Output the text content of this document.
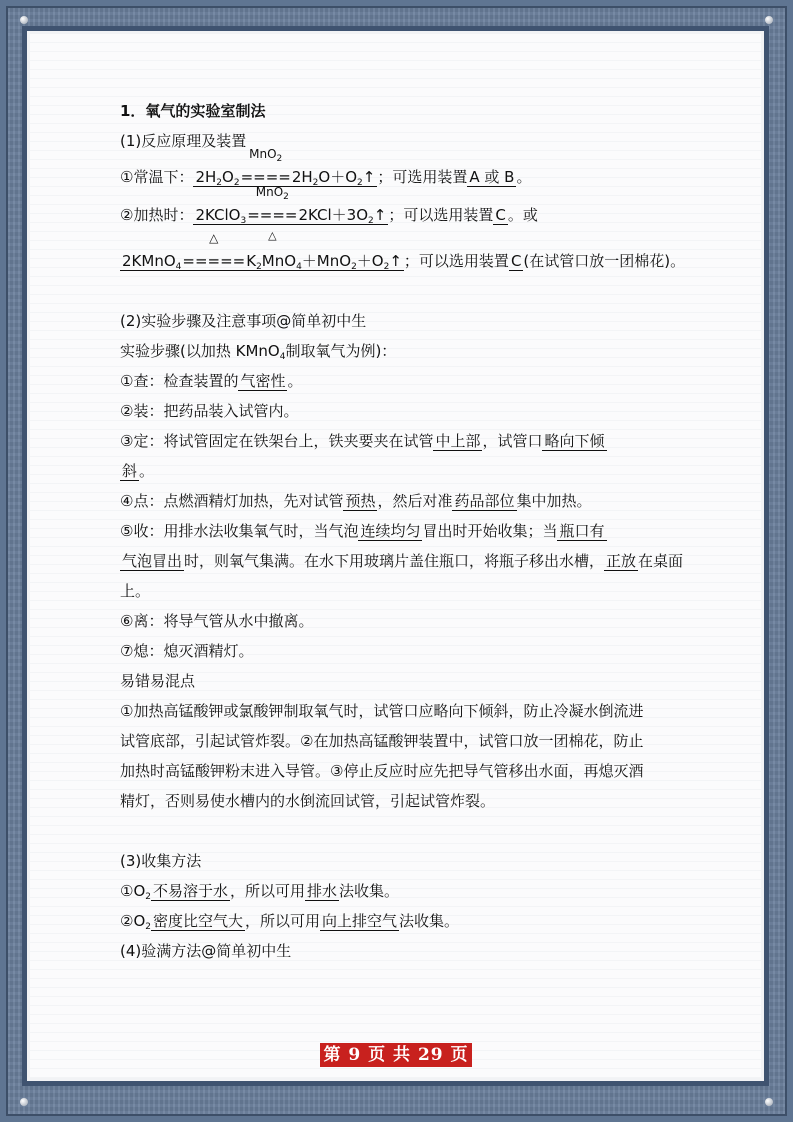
1．氧气的实验室制法
(1)反应原理及装置
①常温下： $2H_2O_2$
MnO$_2$
$====2H_2O+O_2↑$ ；可选用装置 A 或 B 。
②加热时： 2KClO$_3$
MnO$_2$
====
△
$2KCl+3O_2↑$ ；可以选用装置 C 。或
2KMnO$_4$
△
$=====K_2MnO_4+MnO_2+O_2↑$ ；可以选用装置 C (在试管口放一团棉花)。
(2)实验步骤及注意事项@简单初中生
实验步骤(以加热 KMnO$_4$制取氧气为例)：
①查：检查装置的 气密性 。
②装：把药品装入试管内。
③定：将试管固定在铁架台上，铁夹要夹在试管 中上部 ，试管口 略向下倾
斜 。
④点：点燃酒精灯加热，先对试管 预热 ，然后对准 药品部位 集中加热。
⑤收：用排水法收集氧气时，当气泡 连续均匀 冒出时开始收集；当 瓶口有
气泡冒出 时，则氧气集满。在水下用玻璃片盖住瓶口，将瓶子移出水槽， 正放 在桌面上。
⑥离：将导气管从水中撤离。
⑦熄：熄灭酒精灯。
易错易混点
①加热高锰酸钾或氯酸钾制取氧气时，试管口应略向下倾斜，防止冷凝水倒流进
试管底部，引起试管炸裂。②在加热高锰酸钾装置中，试管口放一团棉花，防止
加热时高锰酸钾粉末进入导管。③停止反应时应先把导气管移出水面，再熄灭酒
精灯，否则易使水槽内的水倒流回试管，引起试管炸裂。
(3)收集方法
$①O_2$ 不易溶于水 ，所以可用 排水 法收集。
$②O_2$ 密度比空气大 ，所以可用 向上排空气 法收集。
(4)验满方法@简单初中生
第 9 页 共 29 页
